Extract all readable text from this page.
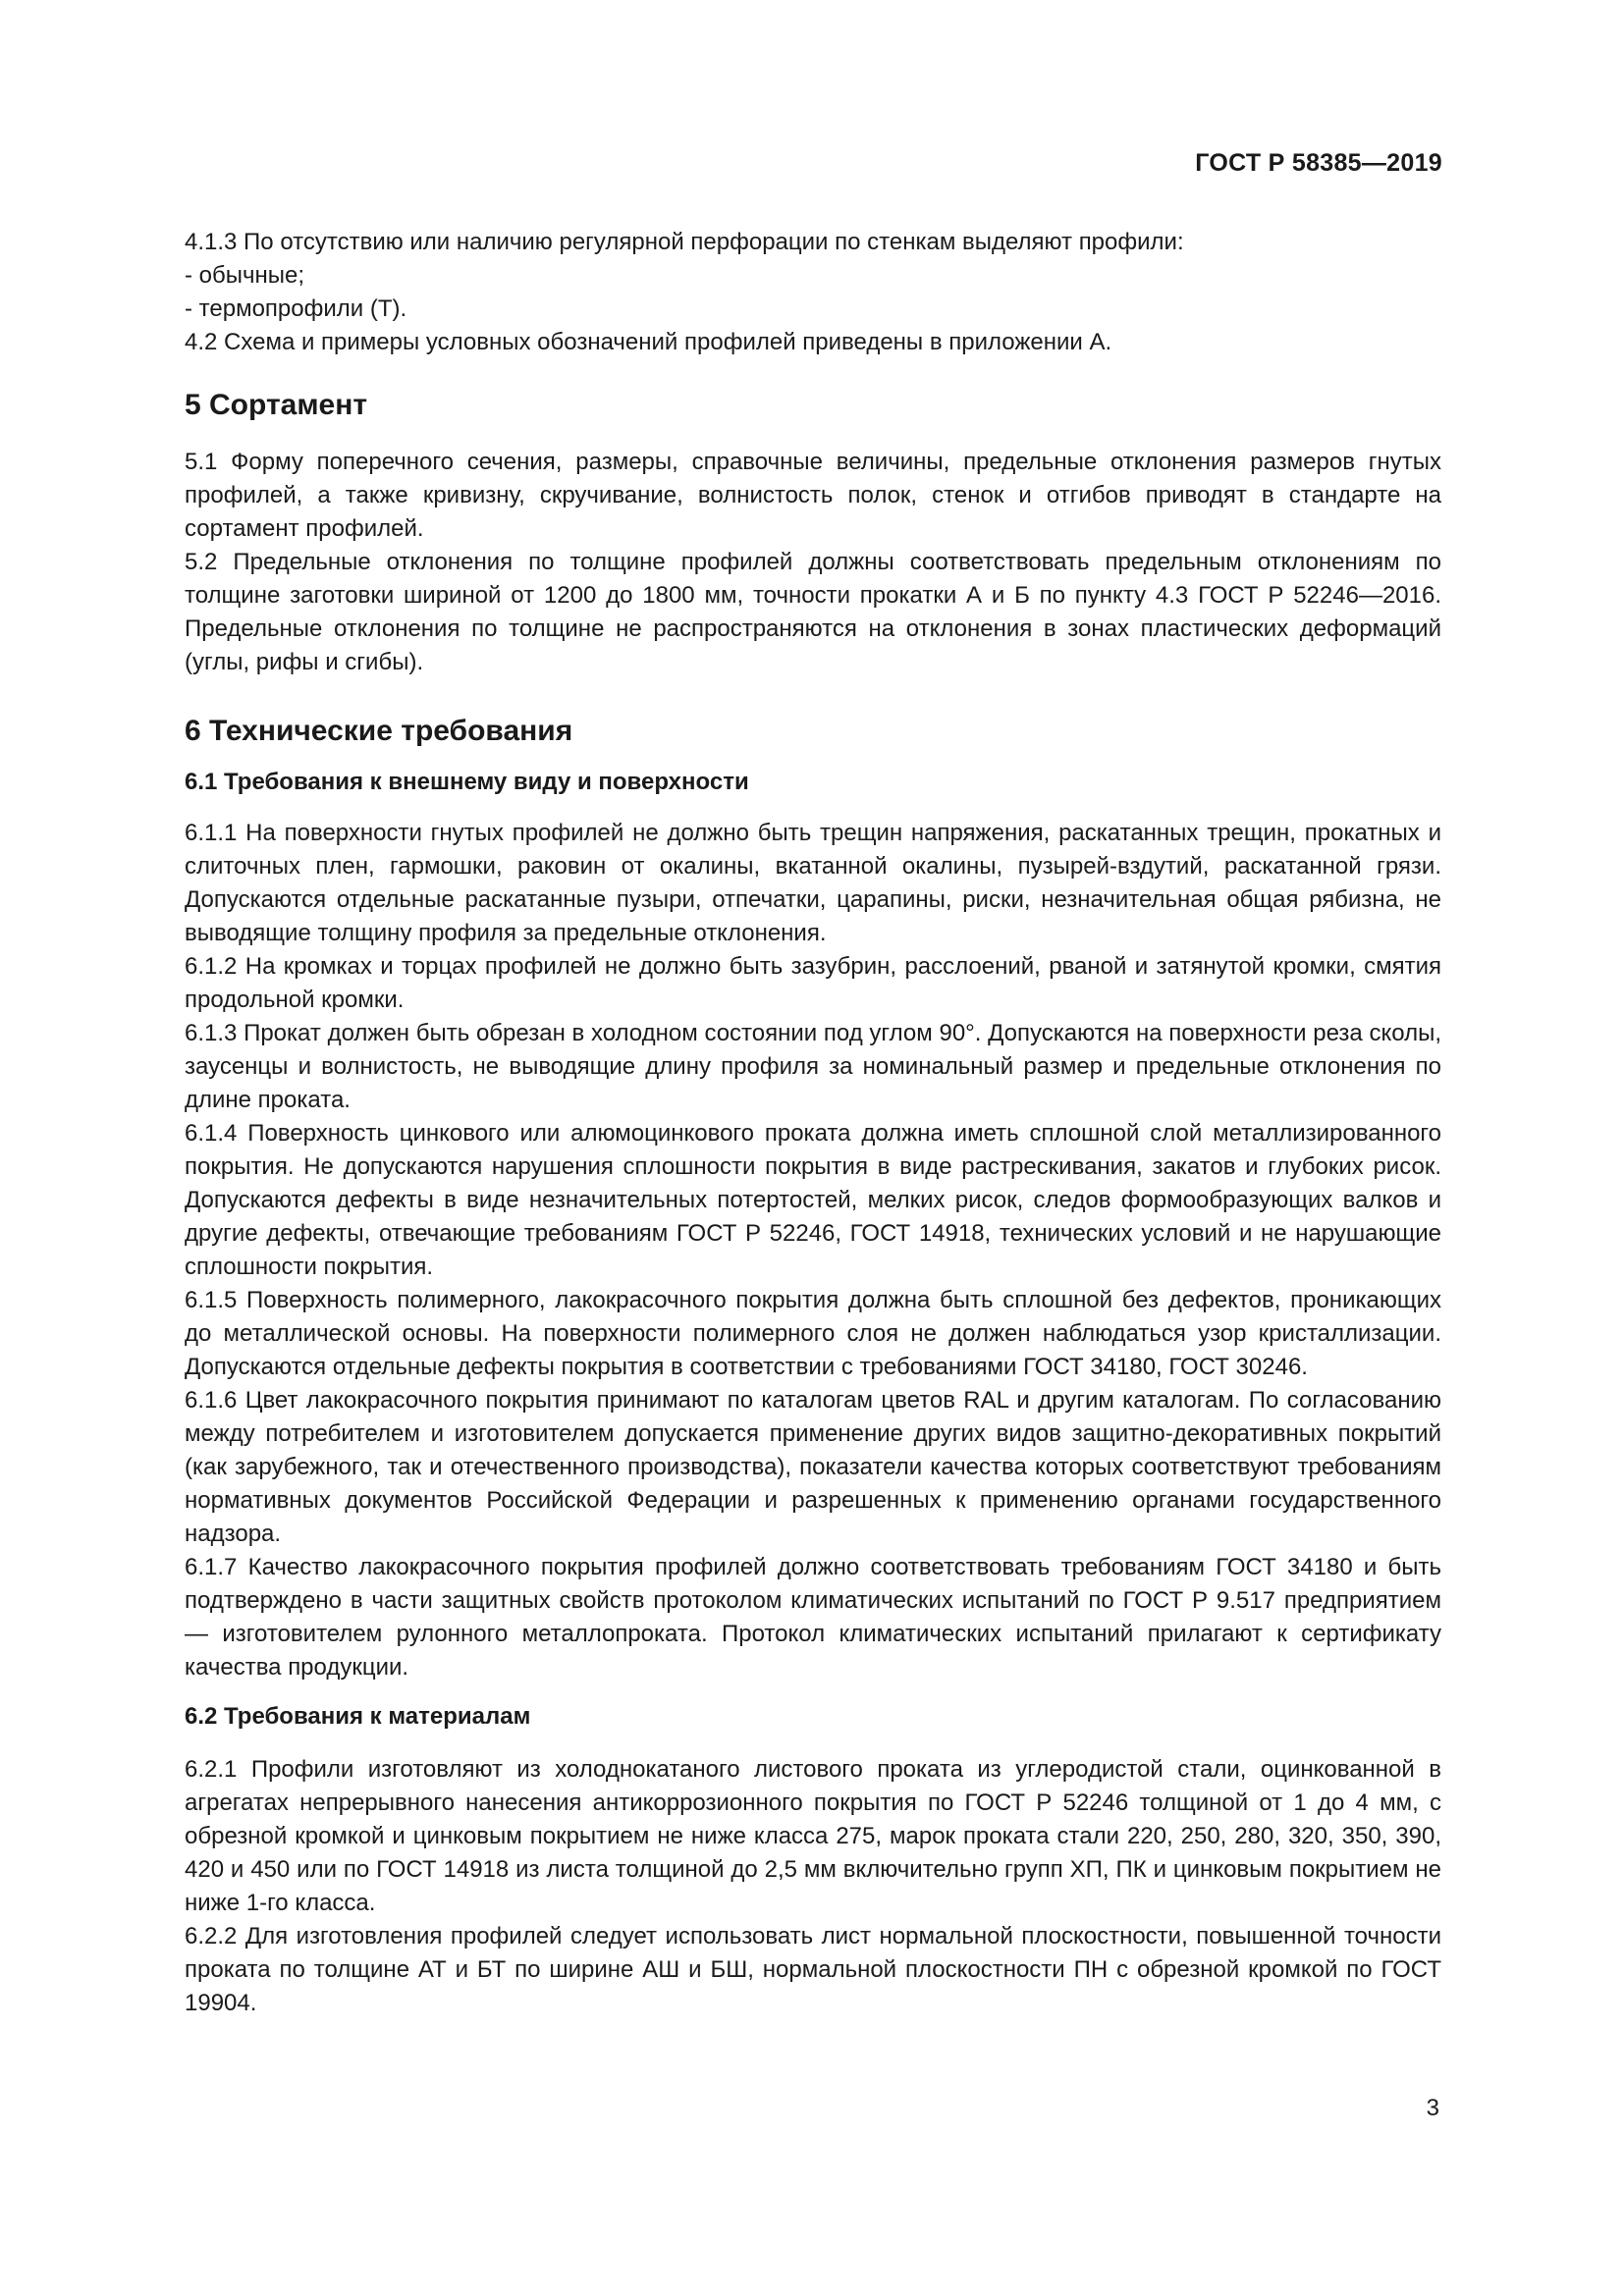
ГОСТ Р 58385—2019

4.1.3 По отсутствию или наличию регулярной перфорации по стенкам выделяют профили:

- обычные;

- термопрофили (Т).

4.2 Схема и примеры условных обозначений профилей приведены в приложении А.

5 Сортамент

5.1 Форму поперечного сечения, размеры, справочные величины, предельные отклонения размеров гнутых профилей, а также кривизну, скручивание, волнистость полок, стенок и отгибов приводят в стандарте на сортамент профилей.

5.2 Предельные отклонения по толщине профилей должны соответствовать предельным отклонениям по толщине заготовки шириной от 1200 до 1800 мм, точности прокатки А и Б по пункту 4.3 ГОСТ Р 52246—2016. Предельные отклонения по толщине не распространяются на отклонения в зонах пластических деформаций (углы, рифы и сгибы).

6 Технические требования
6.1 Требования к внешнему виду и поверхности

6.1.1 На поверхности гнутых профилей не должно быть трещин напряжения, раскатанных трещин, прокатных и слиточных плен, гармошки, раковин от окалины, вкатанной окалины, пузырей-вздутий, раскатанной грязи. Допускаются отдельные раскатанные пузыри, отпечатки, царапины, риски, незначительная общая рябизна, не выводящие толщину профиля за предельные отклонения.

6.1.2 На кромках и торцах профилей не должно быть зазубрин, расслоений, рваной и затянутой кромки, смятия продольной кромки.

6.1.3 Прокат должен быть обрезан в холодном состоянии под углом 90°. Допускаются на поверхности реза сколы, заусенцы и волнистость, не выводящие длину профиля за номинальный размер и предельные отклонения по длине проката.

6.1.4 Поверхность цинкового или алюмоцинкового проката должна иметь сплошной слой металлизированного покрытия. Не допускаются нарушения сплошности покрытия в виде растрескивания, закатов и глубоких рисок. Допускаются дефекты в виде незначительных потертостей, мелких рисок, следов формообразующих валков и другие дефекты, отвечающие требованиям ГОСТ Р 52246, ГОСТ 14918, технических условий и не нарушающие сплошности покрытия.

6.1.5 Поверхность полимерного, лакокрасочного покрытия должна быть сплошной без дефектов, проникающих до металлической основы. На поверхности полимерного слоя не должен наблюдаться узор кристаллизации. Допускаются отдельные дефекты покрытия в соответствии с требованиями ГОСТ 34180, ГОСТ 30246.

6.1.6 Цвет лакокрасочного покрытия принимают по каталогам цветов RAL и другим каталогам. По согласованию между потребителем и изготовителем допускается применение других видов защитно-декоративных покрытий (как зарубежного, так и отечественного производства), показатели качества которых соответствуют требованиям нормативных документов Российской Федерации и разрешенных к применению органами государственного надзора.

6.1.7 Качество лакокрасочного покрытия профилей должно соответствовать требованиям ГОСТ 34180 и быть подтверждено в части защитных свойств протоколом климатических испытаний по ГОСТ Р 9.517 предприятием — изготовителем рулонного металлопроката. Протокол климатических испытаний прилагают к сертификату качества продукции.

6.2 Требования к материалам

6.2.1 Профили изготовляют из холоднокатаного листового проката из углеродистой стали, оцинкованной в агрегатах непрерывного нанесения антикоррозионного покрытия по ГОСТ Р 52246 толщиной от 1 до 4 мм, с обрезной кромкой и цинковым покрытием не ниже класса 275, марок проката стали 220, 250, 280, 320, 350, 390, 420 и 450 или по ГОСТ 14918 из листа толщиной до 2,5 мм включительно групп ХП, ПК и цинковым покрытием не ниже 1-го класса.

6.2.2 Для изготовления профилей следует использовать лист нормальной плоскостности, повышенной точности проката по толщине АТ и БТ по ширине АШ и БШ, нормальной плоскостности ПН с обрезной кромкой по ГОСТ 19904.

3
